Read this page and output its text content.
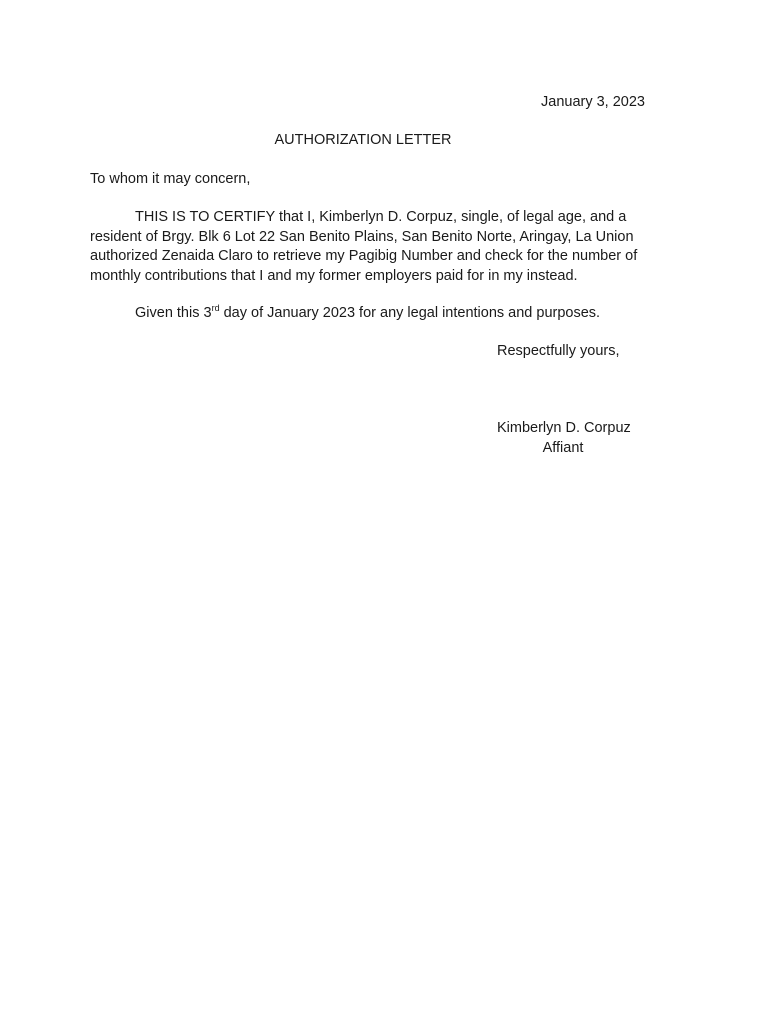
January 3, 2023
AUTHORIZATION LETTER
To whom it may concern,
THIS IS TO CERTIFY that I, Kimberlyn D. Corpuz, single, of legal age, and a
resident of Brgy. Blk 6 Lot 22 San Benito Plains, San Benito Norte, Aringay, La Union
authorized Zenaida Claro to retrieve my Pagibig Number and check for the number of
monthly contributions that I and my former employers paid for in my instead.
Given this 3rd day of January 2023 for any legal intentions and purposes.
Respectfully yours,
Kimberlyn D. Corpuz
Affiant
